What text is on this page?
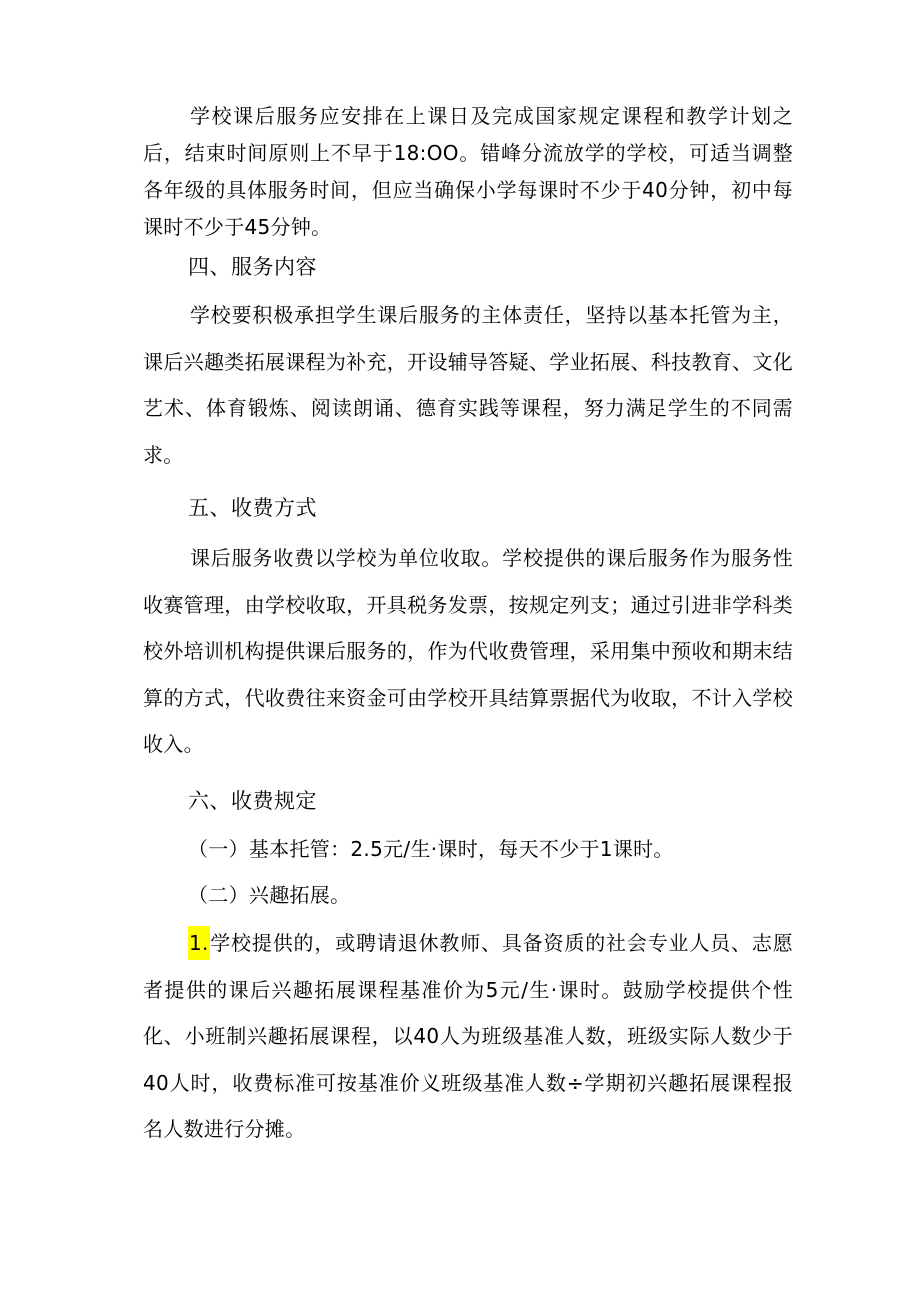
学校课后服务应安排在上课日及完成国家规定课程和教学计划之后，结束时间原则上不早于18:OO。错峰分流放学的学校，可适当调整各年级的具体服务时间，但应当确保小学每课时不少于40分钟，初中每课时不少于45分钟。

四、服务内容

学校要积极承担学生课后服务的主体责任，坚持以基本托管为主，课后兴趣类拓展课程为补充，开设辅导答疑、学业拓展、科技教育、文化艺术、体育锻炼、阅读朗诵、德育实践等课程，努力满足学生的不同需求。

五、收费方式

课后服务收费以学校为单位收取。学校提供的课后服务作为服务性收赛管理，由学校收取，开具税务发票，按规定列支；通过引进非学科类校外培训机构提供课后服务的，作为代收费管理，采用集中预收和期末结算的方式，代收费往来资金可由学校开具结算票据代为收取，不计入学校收入。

六、收费规定
（一）基本托管：2.5元/生·课时，每天不少于1课时。
（二）兴趣拓展。

1.学校提供的，或聘请退休教师、具备资质的社会专业人员、志愿者提供的课后兴趣拓展课程基准价为5元/生·课时。鼓励学校提供个性化、小班制兴趣拓展课程，以40人为班级基准人数，班级实际人数少于40人时，收费标准可按基准价义班级基准人数÷学期初兴趣拓展课程报名人数进行分摊。
